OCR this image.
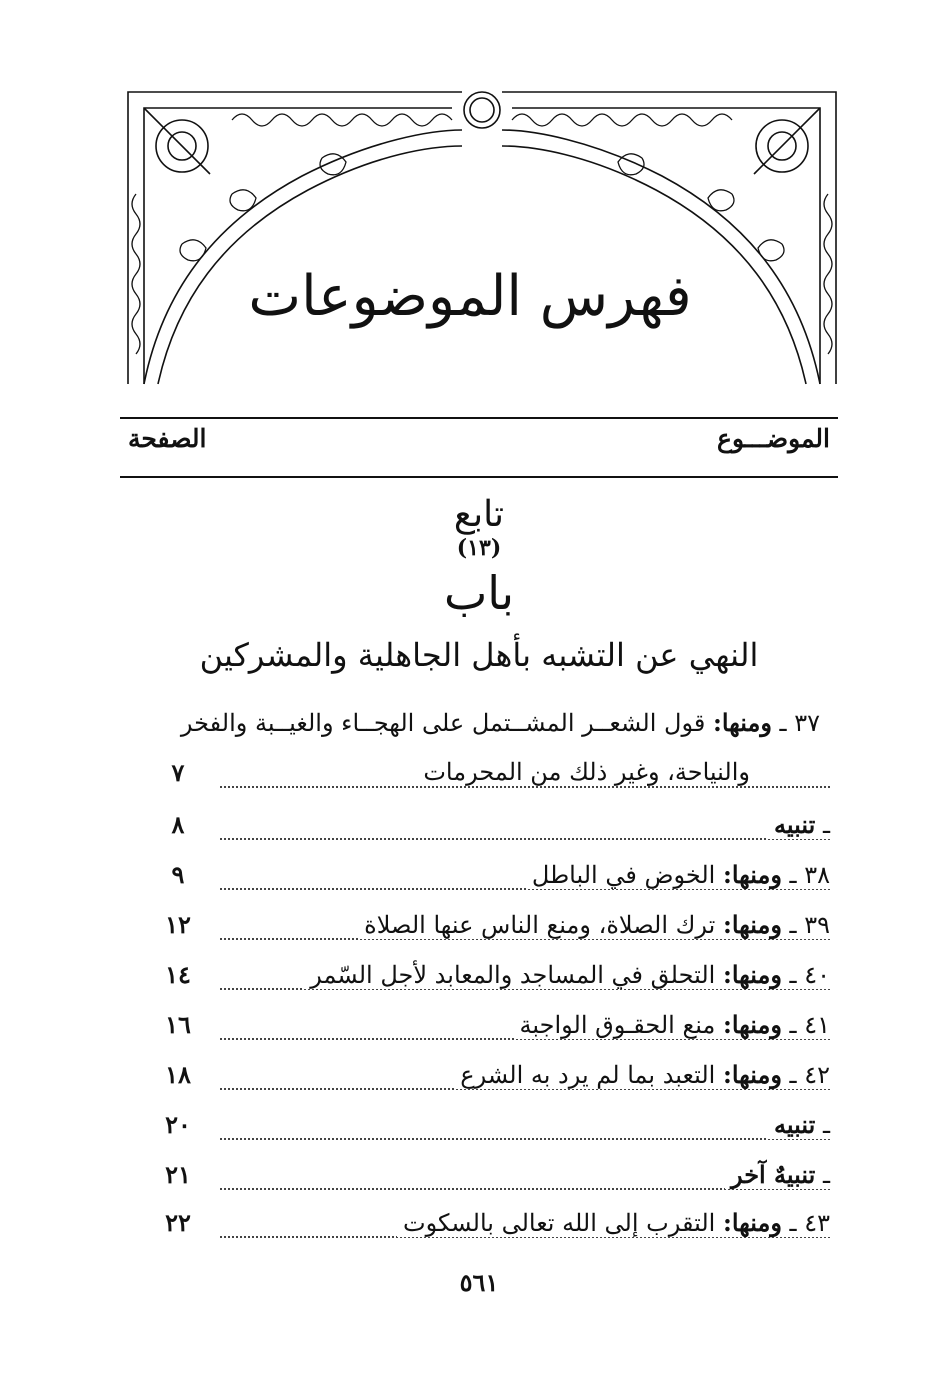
فهرس الموضوعات
الموضـــوع
الصفحة
تابع
(١٣)
باب
النهي عن التشبه بأهل الجاهلية والمشركين
٣٧ ـ ومنها: قول الشعــر المشــتمل على الهجــاء والغيــبة والفخر
والنياحة، وغير ذلك من المحرمات
٧
ـ تنبيه
٨
٣٨ ـ ومنها: الخوض في الباطل
٩
٣٩ ـ ومنها: ترك الصلاة، ومنع الناس عنها الصلاة
١٢
٤٠ ـ ومنها: التحلق في المساجد والمعابد لأجل السّمر
١٤
٤١ ـ ومنها: منع الحقـوق الواجبة
١٦
٤٢ ـ ومنها: التعبد بما لم يرد به الشرع
١٨
ـ تنبيه
٢٠
ـ تنبيهٌ آخر
٢١
٤٣ ـ ومنها: التقرب إلى الله تعالى بالسكوت
٢٢
٥٦١
